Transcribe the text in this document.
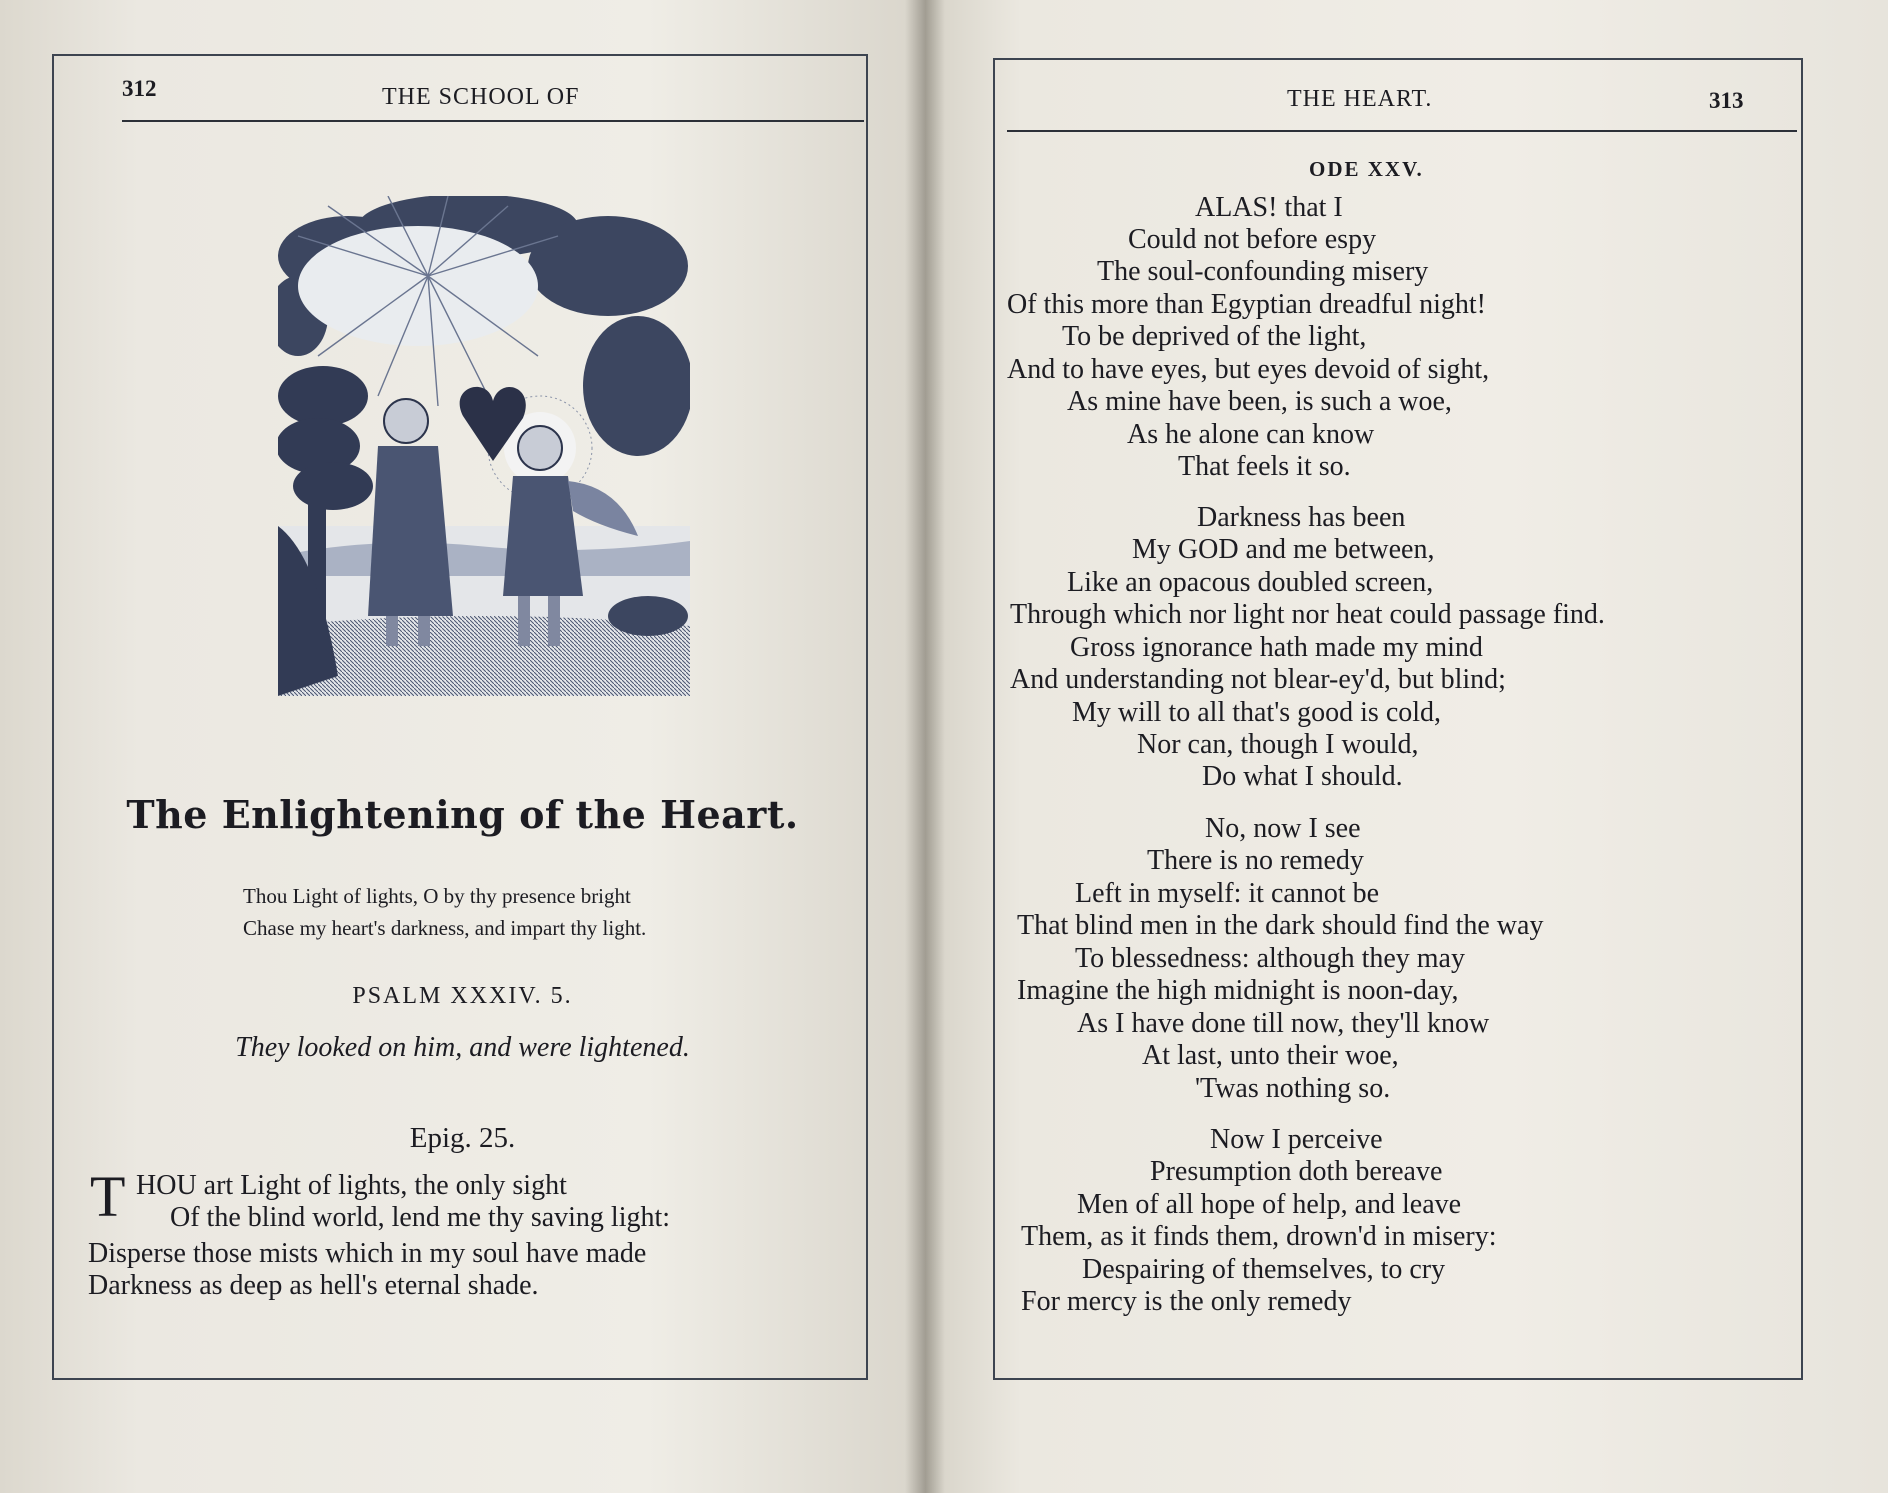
312	THE SCHOOL OF
The Enlightening of the Heart.
Thou Light of lights, O by thy presence bright
Chase my heart's darkness, and impart thy light.
PSALM XXXIV. 5.
They looked on him, and were lightened.
Epig. 25.
T HOU art Light of lights, the only sight
Of the blind world, lend me thy saving light:
Disperse those mists which in my soul have made
Darkness as deep as hell's eternal shade.
THE HEART.	313
ODE XXV.
ALAS! that I
Could not before espy
The soul-confounding misery
Of this more than Egyptian dreadful night!
To be deprived of the light,
And to have eyes, but eyes devoid of sight,
As mine have been, is such a woe,
As he alone can know
That feels it so.
Darkness has been
My GOD and me between,
Like an opacous doubled screen,
Through which nor light nor heat could passage find.
Gross ignorance hath made my mind
And understanding not blear-ey'd, but blind;
My will to all that's good is cold,
Nor can, though I would,
Do what I should.
No, now I see
There is no remedy
Left in myself: it cannot be
That blind men in the dark should find the way
To blessedness: although they may
Imagine the high midnight is noon-day,
As I have done till now, they'll know
At last, unto their woe,
'Twas nothing so.
Now I perceive
Presumption doth bereave
Men of all hope of help, and leave
Them, as it finds them, drown'd in misery:
Despairing of themselves, to cry
For mercy is the only remedy
